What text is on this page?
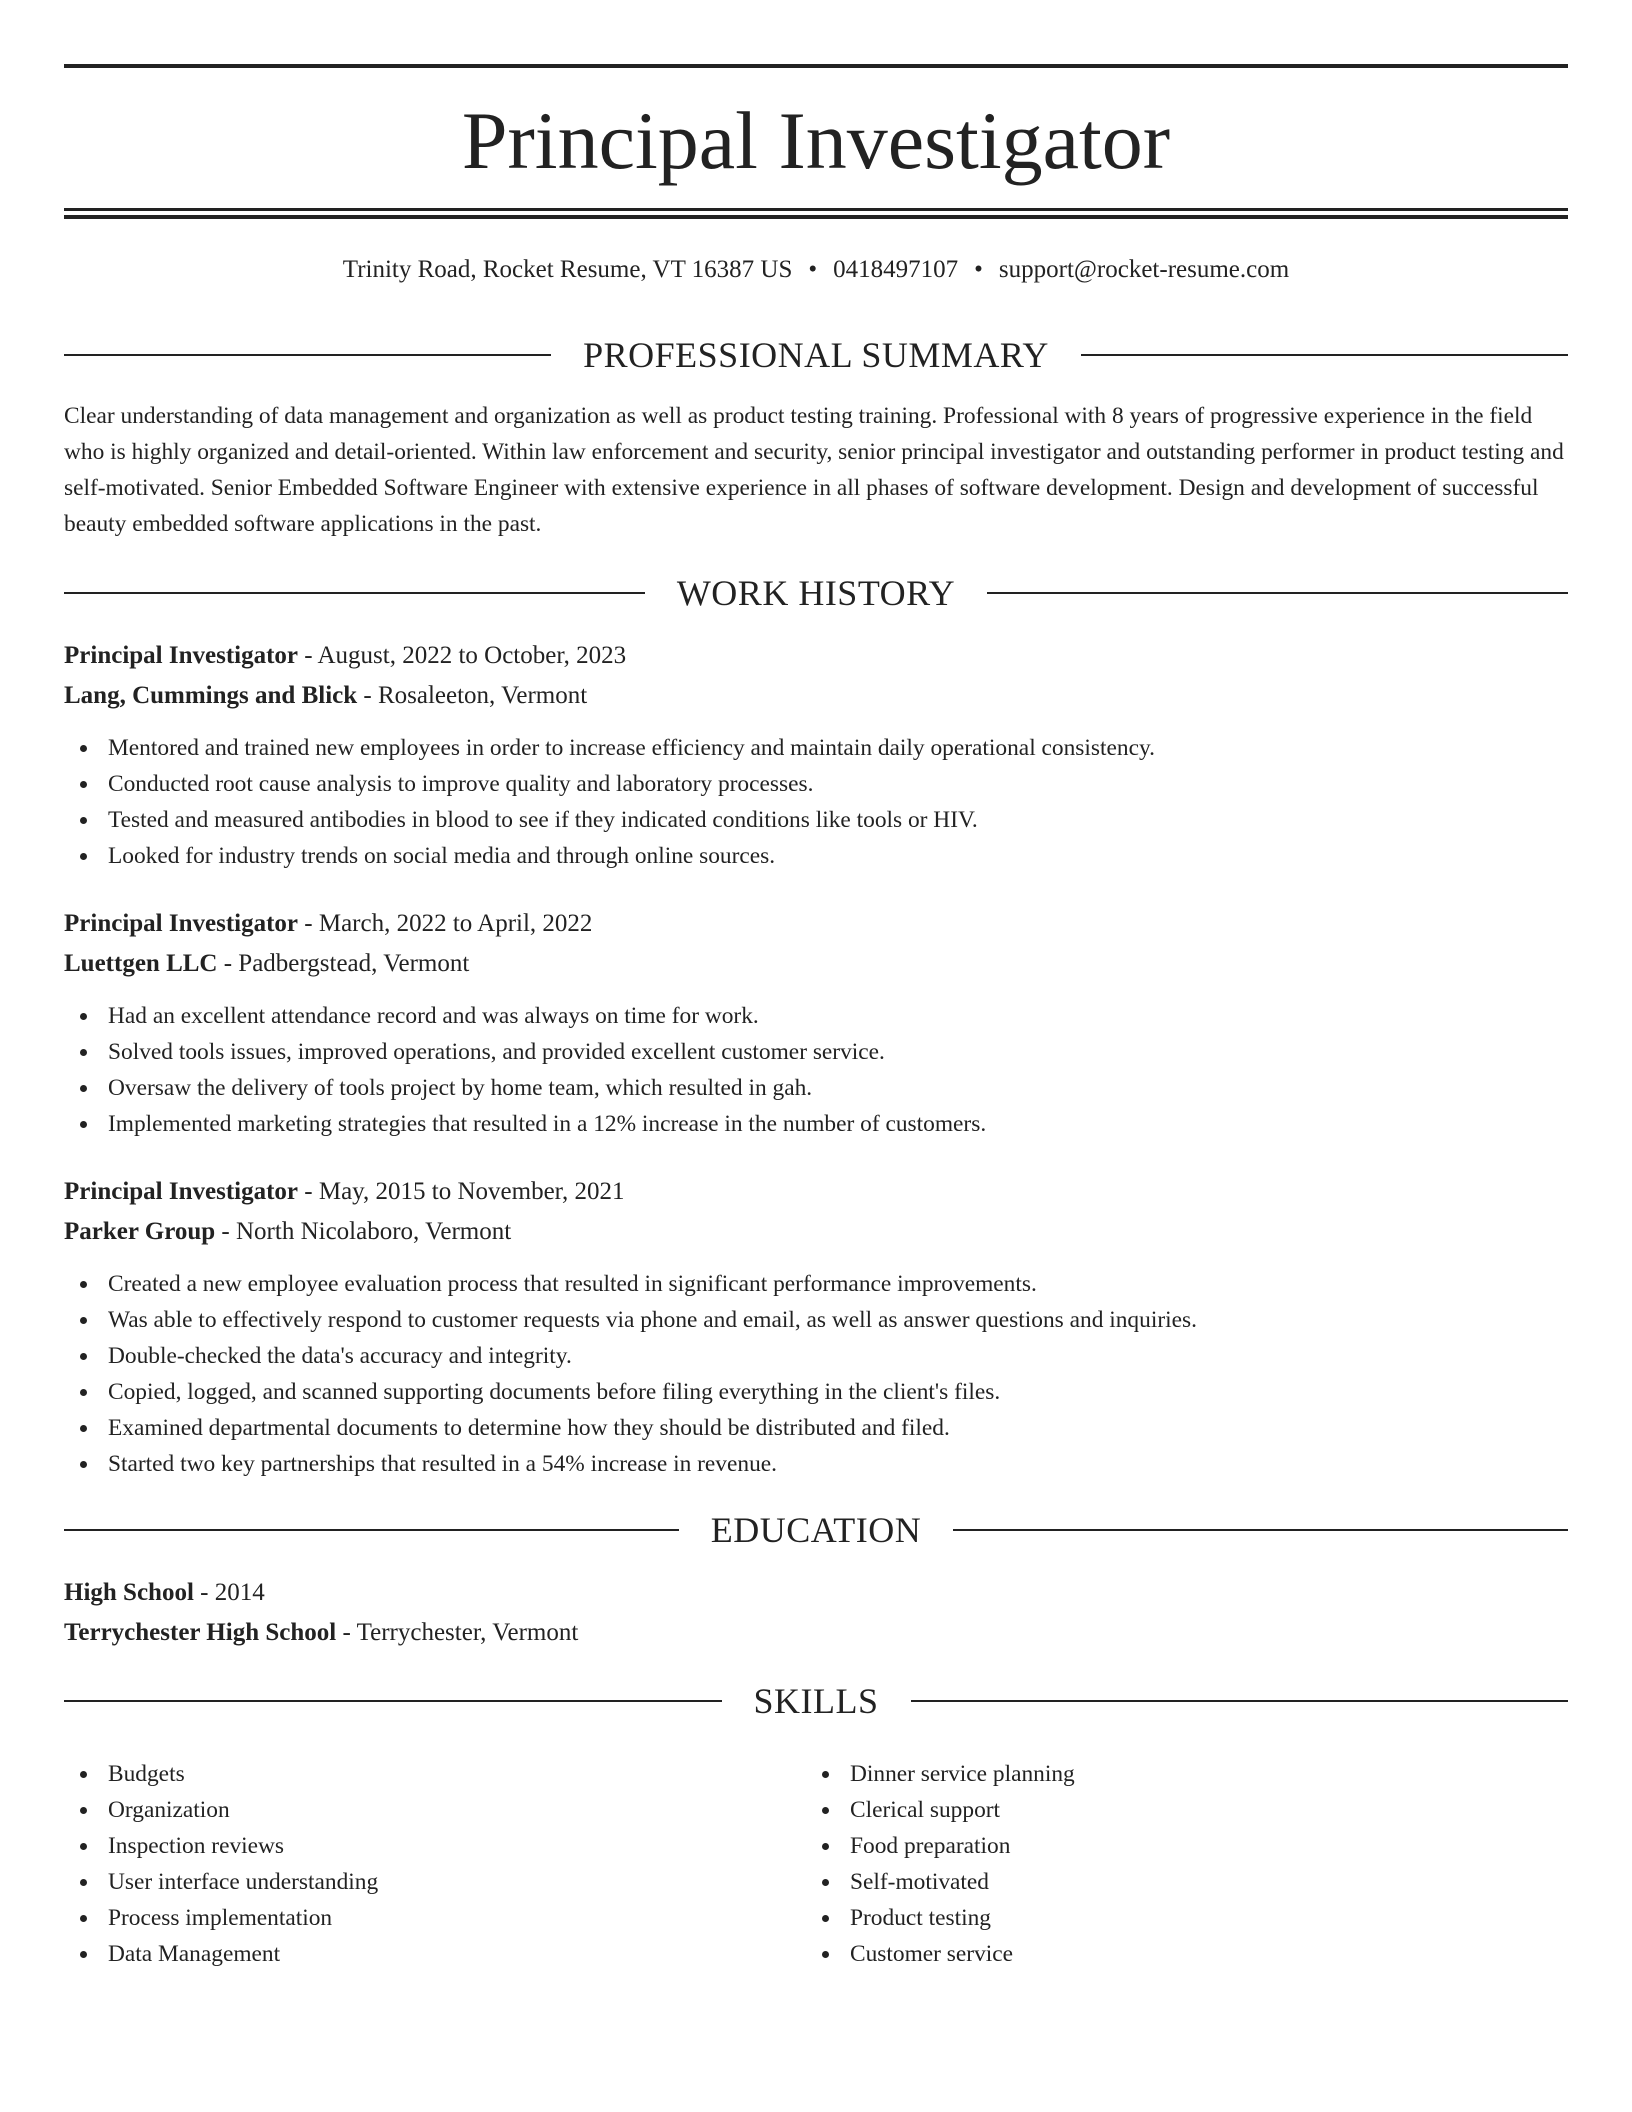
Principal Investigator
Trinity Road, Rocket Resume, VT 16387 US • 0418497107 • support@rocket-resume.com
PROFESSIONAL SUMMARY

Clear understanding of data management and organization as well as product testing training. Professional with 8 years of progressive experience in the field who is highly organized and detail-oriented. Within law enforcement and security, senior principal investigator and outstanding performer in product testing and self-motivated. Senior Embedded Software Engineer with extensive experience in all phases of software development. Design and development of successful beauty embedded software applications in the past.

WORK HISTORY
Principal Investigator - August, 2022 to October, 2023
Lang, Cummings and Blick - Rosaleeton, Vermont
Mentored and trained new employees in order to increase efficiency and maintain daily operational consistency.
Conducted root cause analysis to improve quality and laboratory processes.
Tested and measured antibodies in blood to see if they indicated conditions like tools or HIV.
Looked for industry trends on social media and through online sources.
Principal Investigator - March, 2022 to April, 2022
Luettgen LLC - Padbergstead, Vermont
Had an excellent attendance record and was always on time for work.
Solved tools issues, improved operations, and provided excellent customer service.
Oversaw the delivery of tools project by home team, which resulted in gah.
Implemented marketing strategies that resulted in a 12% increase in the number of customers.
Principal Investigator - May, 2015 to November, 2021
Parker Group - North Nicolaboro, Vermont
Created a new employee evaluation process that resulted in significant performance improvements.
Was able to effectively respond to customer requests via phone and email, as well as answer questions and inquiries.
Double-checked the data's accuracy and integrity.
Copied, logged, and scanned supporting documents before filing everything in the client's files.
Examined departmental documents to determine how they should be distributed and filed.
Started two key partnerships that resulted in a 54% increase in revenue.
EDUCATION
High School - 2014
Terrychester High School - Terrychester, Vermont
SKILLS
Budgets
Organization
Inspection reviews
User interface understanding
Process implementation
Data Management
Dinner service planning
Clerical support
Food preparation
Self-motivated
Product testing
Customer service
